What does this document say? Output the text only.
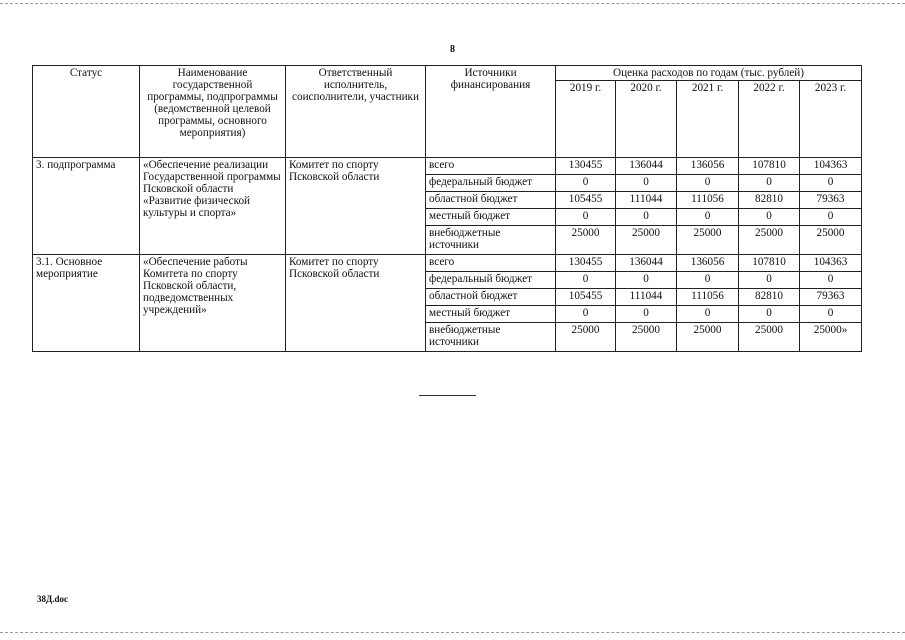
8
Статус	Наименование государственной программы, подпрограммы (ведомственной целевой программы, основного мероприятия)	Ответственный исполнитель, соисполнители, участники	Источники финансирования	Оценка расходов по годам (тыс. рублей)				
				2019 г.	2020 г.	2021 г.	2022 г.	2023 г.
3. подпрограмма	«Обеспечение реализации Государственной программы Псковской области «Развитие физической культуры и спорта»	Комитет по спорту Псковской области	всего	130455	136044	136056	107810	104363
			федеральный бюджет	0	0	0	0	0
			областной бюджет	105455	111044	111056	82810	79363
			местный бюджет	0	0	0	0	0
			внебюджетные источники	25000	25000	25000	25000	25000
3.1. Основное мероприятие	«Обеспечение работы Комитета по спорту Псковской области, подведомственных учреждений»	Комитет по спорту Псковской области	всего	130455	136044	136056	107810	104363
			федеральный бюджет	0	0	0	0	0
			областной бюджет	105455	111044	111056	82810	79363
			местный бюджет	0	0	0	0	0
			внебюджетные источники	25000	25000	25000	25000	25000»
38Д.doc
